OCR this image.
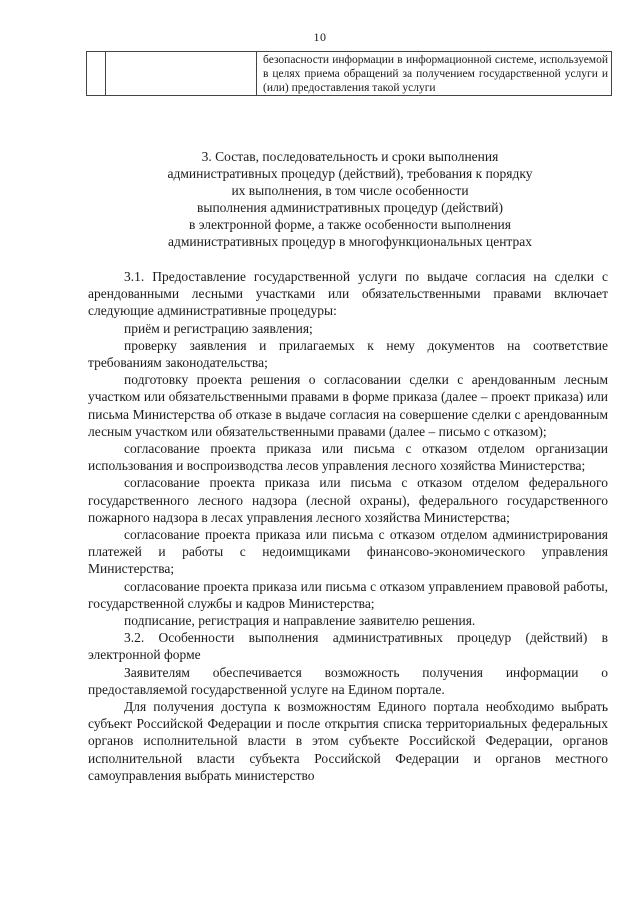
10
		безопасности информации в информационной системе, используемой в целях приема обращений за получением государственной услуги и (или) предоставления такой услуги
3. Состав, последовательность и сроки выполнения
административных процедур (действий), требования к порядку
их выполнения, в том числе особенности
выполнения административных процедур (действий)
в электронной форме, а также особенности выполнения
административных процедур в многофункциональных центрах

3.1. Предоставление государственной услуги по выдаче согласия на сделки с арендованными лесными участками или обязательственными правами включает следующие административные процедуры:

приём и регистрацию заявления;

проверку заявления и прилагаемых к нему документов на соответствие требованиям законодательства;

подготовку проекта решения о согласовании сделки с арендованным лесным участком или обязательственными правами в форме приказа (далее – проект приказа) или письма Министерства об отказе в выдаче согласия на совершение сделки с арендованным лесным участком или обязательственными правами (далее – письмо с отказом);

согласование проекта приказа или письма с отказом отделом организации использования и воспроизводства лесов управления лесного хозяйства Министерства;

согласование проекта приказа или письма с отказом отделом федерального государственного лесного надзора (лесной охраны), федерального государственного пожарного надзора в лесах управления лесного хозяйства Министерства;

согласование проекта приказа или письма с отказом отделом администрирования платежей и работы с недоимщиками финансово-экономического управления Министерства;

согласование проекта приказа или письма с отказом управлением правовой работы, государственной службы и кадров Министерства;

подписание, регистрация и направление заявителю решения.

3.2. Особенности выполнения административных процедур (действий) в электронной форме

Заявителям обеспечивается возможность получения информации о предоставляемой государственной услуге на Едином портале.

Для получения доступа к возможностям Единого портала необходимо выбрать субъект Российской Федерации и после открытия списка территориальных федеральных органов исполнительной власти в этом субъекте Российской Федерации, органов исполнительной власти субъекта Российской Федерации и органов местного самоуправления выбрать министерство
